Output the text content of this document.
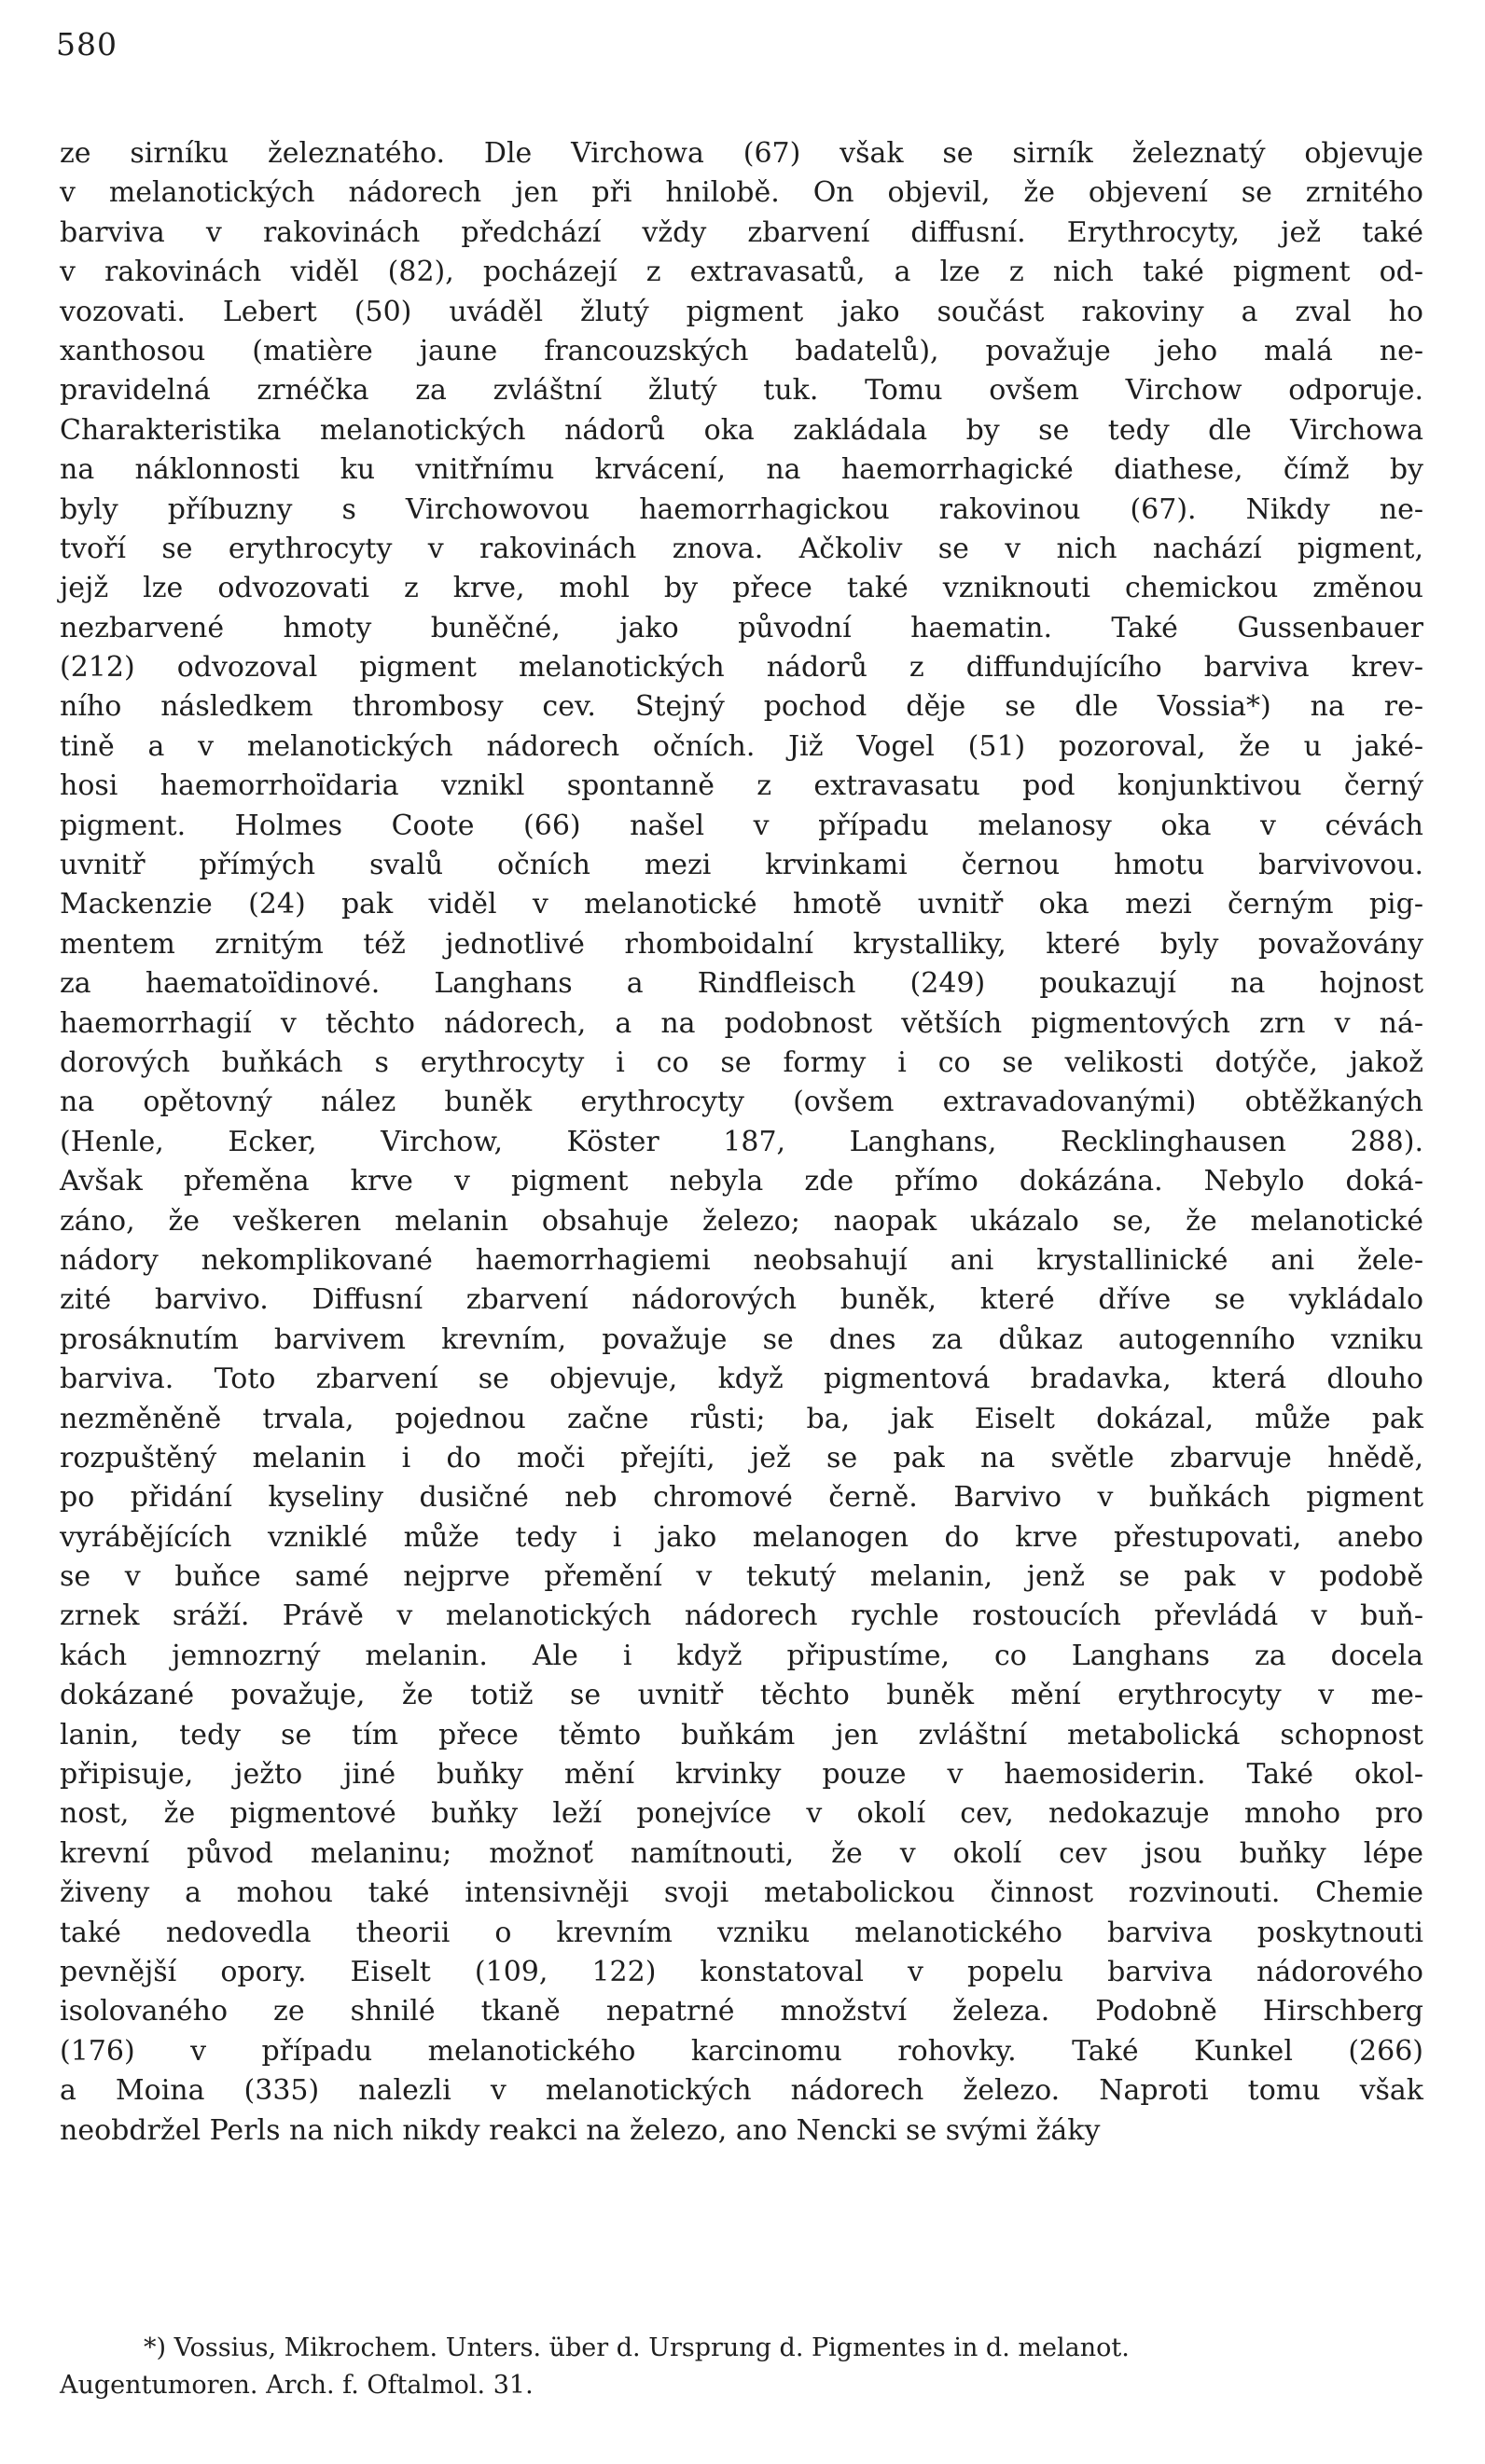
580
ze sirníku železnatého. Dle Virchowa (67) však se sirník železnatý objevuje
v melanotických nádorech jen při hnilobě. On objevil, že objevení se zrnitého
barviva v rakovinách předchází vždy zbarvení diffusní. Erythrocyty, jež také
v rakovinách viděl (82), pocházejí z extravasatů, a lze z nich také pigment od-
vozovati. Lebert (50) uváděl žlutý pigment jako součást rakoviny a zval ho
xanthosou (matière jaune francouzských badatelů), považuje jeho malá ne-
pravidelná zrnéčka za zvláštní žlutý tuk. Tomu ovšem Virchow odporuje.
Charakteristika melanotických nádorů oka zakládala by se tedy dle Virchowa
na náklonnosti ku vnitřnímu krvácení, na haemorrhagické diathese, čímž by
byly příbuzny s Virchowovou haemorrhagickou rakovinou (67). Nikdy ne-
tvoří se erythrocyty v rakovinách znova. Ačkoliv se v nich nachází pigment,
jejž lze odvozovati z krve, mohl by přece také vzniknouti chemickou změnou
nezbarvené hmoty buněčné, jako původní haematin. Také Gussenbauer
(212) odvozoval pigment melanotických nádorů z diffundujícího barviva krev-
ního následkem thrombosy cev. Stejný pochod děje se dle Vossia*) na re-
tině a v melanotických nádorech očních. Již Vogel (51) pozoroval, že u jaké-
hosi haemorrhoïdaria vznikl spontanně z extravasatu pod konjunktivou černý
pigment. Holmes Coote (66) našel v případu melanosy oka v cévách
uvnitř přímých svalů očních mezi krvinkami černou hmotu barvivovou.
Mackenzie (24) pak viděl v melanotické hmotě uvnitř oka mezi černým pig-
mentem zrnitým též jednotlivé rhomboidalní krystalliky, které byly považovány
za haematoïdinové. Langhans a Rindfleisch (249) poukazují na hojnost
haemorrhagií v těchto nádorech, a na podobnost větších pigmentových zrn v ná-
dorových buňkách s erythrocyty i co se formy i co se velikosti dotýče, jakož
na opětovný nález buněk erythrocyty (ovšem extravadovanými) obtěžkaných
(Henle, Ecker, Virchow, Köster 187, Langhans, Recklinghausen 288).
Avšak přeměna krve v pigment nebyla zde přímo dokázána. Nebylo doká-
záno, že veškeren melanin obsahuje železo; naopak ukázalo se, že melanotické
nádory nekomplikované haemorrhagiemi neobsahují ani krystallinické ani žele-
zité barvivo. Diffusní zbarvení nádorových buněk, které dříve se vykládalo
prosáknutím barvivem krevním, považuje se dnes za důkaz autogenního vzniku
barviva. Toto zbarvení se objevuje, když pigmentová bradavka, která dlouho
nezměněně trvala, pojednou začne růsti; ba, jak Eiselt dokázal, může pak
rozpuštěný melanin i do moči přejíti, jež se pak na světle zbarvuje hnědě,
po přidání kyseliny dusičné neb chromové černě. Barvivo v buňkách pigment
vyrábějících vzniklé může tedy i jako melanogen do krve přestupovati, anebo
se v buňce samé nejprve přemění v tekutý melanin, jenž se pak v podobě
zrnek sráží. Právě v melanotických nádorech rychle rostoucích převládá v buň-
kách jemnozrný melanin. Ale i když připustíme, co Langhans za docela
dokázané považuje, že totiž se uvnitř těchto buněk mění erythrocyty v me-
lanin, tedy se tím přece těmto buňkám jen zvláštní metabolická schopnost
připisuje, ježto jiné buňky mění krvinky pouze v haemosiderin. Také okol-
nost, že pigmentové buňky leží ponejvíce v okolí cev, nedokazuje mnoho pro
krevní původ melaninu; možnoť namítnouti, že v okolí cev jsou buňky lépe
živeny a mohou také intensivněji svoji metabolickou činnost rozvinouti. Chemie
také nedovedla theorii o krevním vzniku melanotického barviva poskytnouti
pevnější opory. Eiselt (109, 122) konstatoval v popelu barviva nádorového
isolovaného ze shnilé tkaně nepatrné množství železa. Podobně Hirschberg
(176) v případu melanotického karcinomu rohovky. Také Kunkel (266)
a Moina (335) nalezli v melanotických nádorech železo. Naproti tomu však
neobdržel Perls na nich nikdy reakci na železo, ano Nencki se svými žáky
*) Vossius, Mikrochem. Unters. über d. Ursprung d. Pigmentes in d. melanot.
Augentumoren. Arch. f. Oftalmol. 31.
